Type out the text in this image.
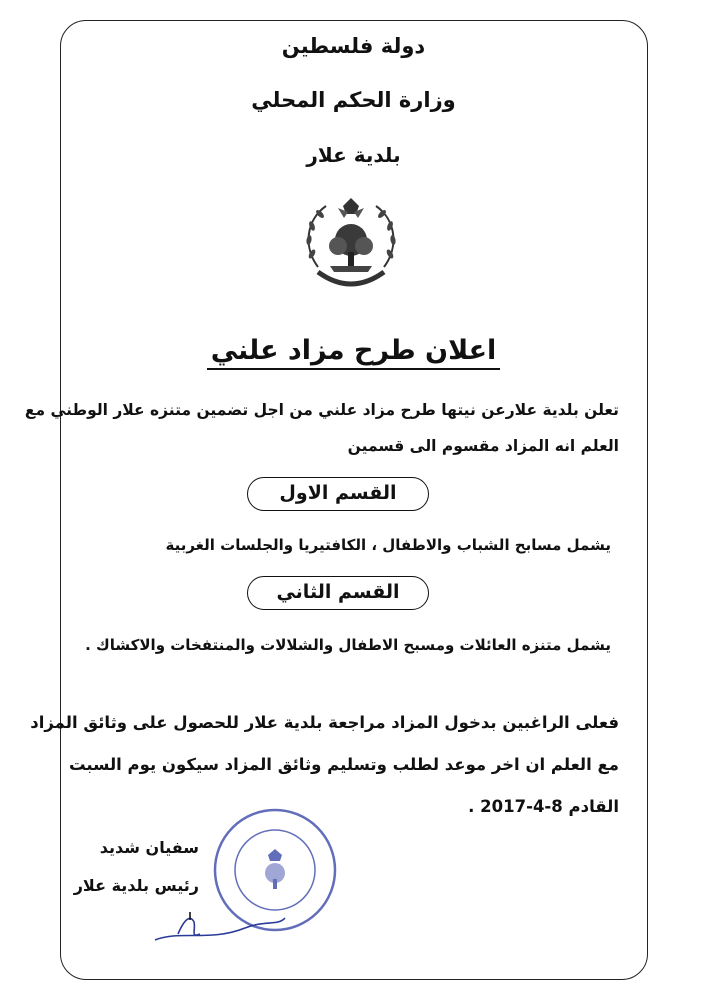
دولة فلسطين
وزارة الحكم المحلي
بلدية علار
اعلان طرح مزاد علني
تعلن بلدية علارعن نيتها طرح مزاد علني من اجل تضمين متنزه علار الوطني مع
العلم انه المزاد مقسوم الى قسمين
القسم الاول
يشمل مسابح الشباب والاطفال ، الكافتيريا والجلسات الغربية
القسم الثاني
يشمل متنزه العائلات ومسبح الاطفال والشلالات والمنتفخات والاكشاك .
فعلى الراغبين بدخول المزاد مراجعة بلدية علار للحصول على وثائق المزاد
مع العلم ان اخر موعد لطلب وتسليم وثائق المزاد سيكون يوم السبت
القادم 8-4-2017 .
سفيان شديد
رئيس بلدية علار
